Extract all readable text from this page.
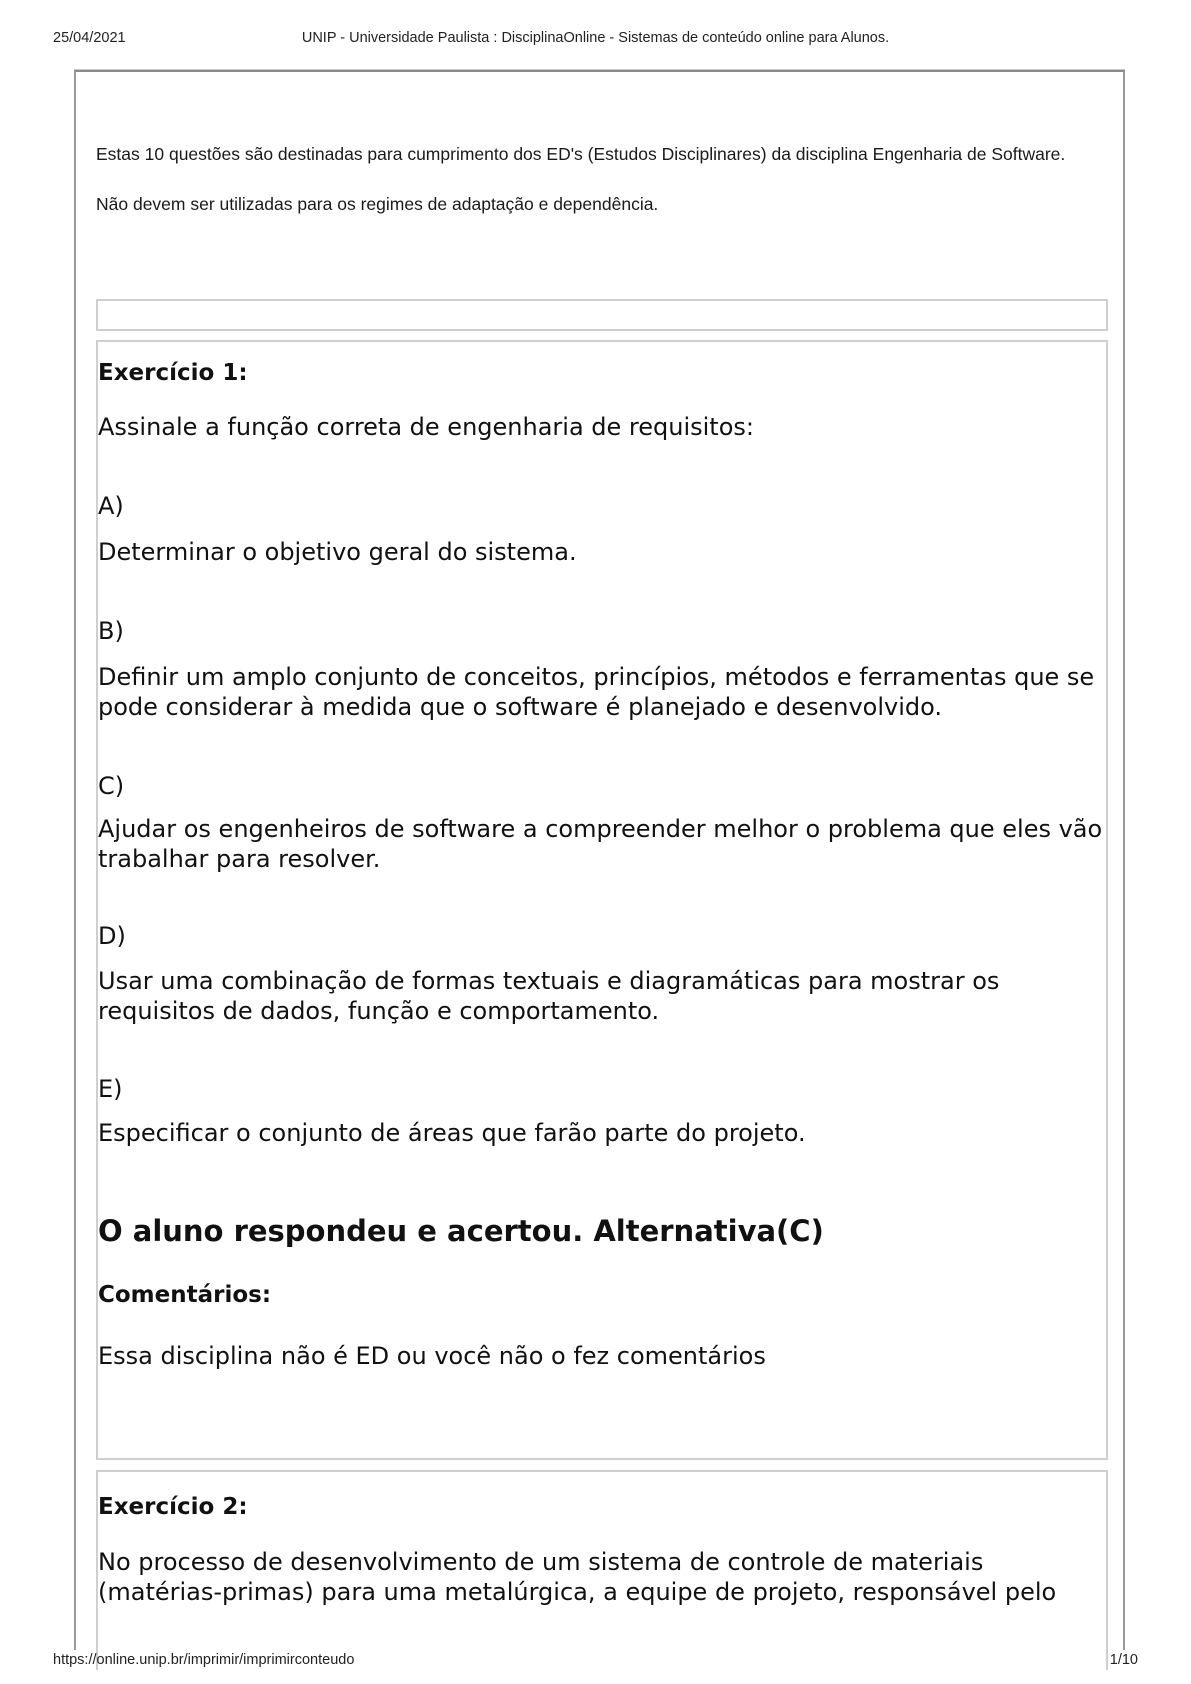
25/04/2021	UNIP - Universidade Paulista : DisciplinaOnline - Sistemas de conteúdo online para Alunos.

Estas 10 questões são destinadas para cumprimento dos ED's (Estudos Disciplinares) da disciplina Engenharia de Software.

Não devem ser utilizadas para os regimes de adaptação e dependência.

Exercício 1:
Assinale a função correta de engenharia de requisitos:
A)
Determinar o objetivo geral do sistema.
B)
Definir um amplo conjunto de conceitos, princípios, métodos e ferramentas que se pode considerar à medida que o software é planejado e desenvolvido.
C)
Ajudar os engenheiros de software a compreender melhor o problema que eles vão trabalhar para resolver.
D)
Usar uma combinação de formas textuais e diagramáticas para mostrar os requisitos de dados, função e comportamento.
E)
Especificar o conjunto de áreas que farão parte do projeto.
O aluno respondeu e acertou. Alternativa(C)
Comentários:
Essa disciplina não é ED ou você não o fez comentários
Exercício 2:
No processo de desenvolvimento de um sistema de controle de materiais (matérias-primas) para uma metalúrgica, a equipe de projeto, responsável pelo
https://online.unip.br/imprimir/imprimirconteudo	1/10
